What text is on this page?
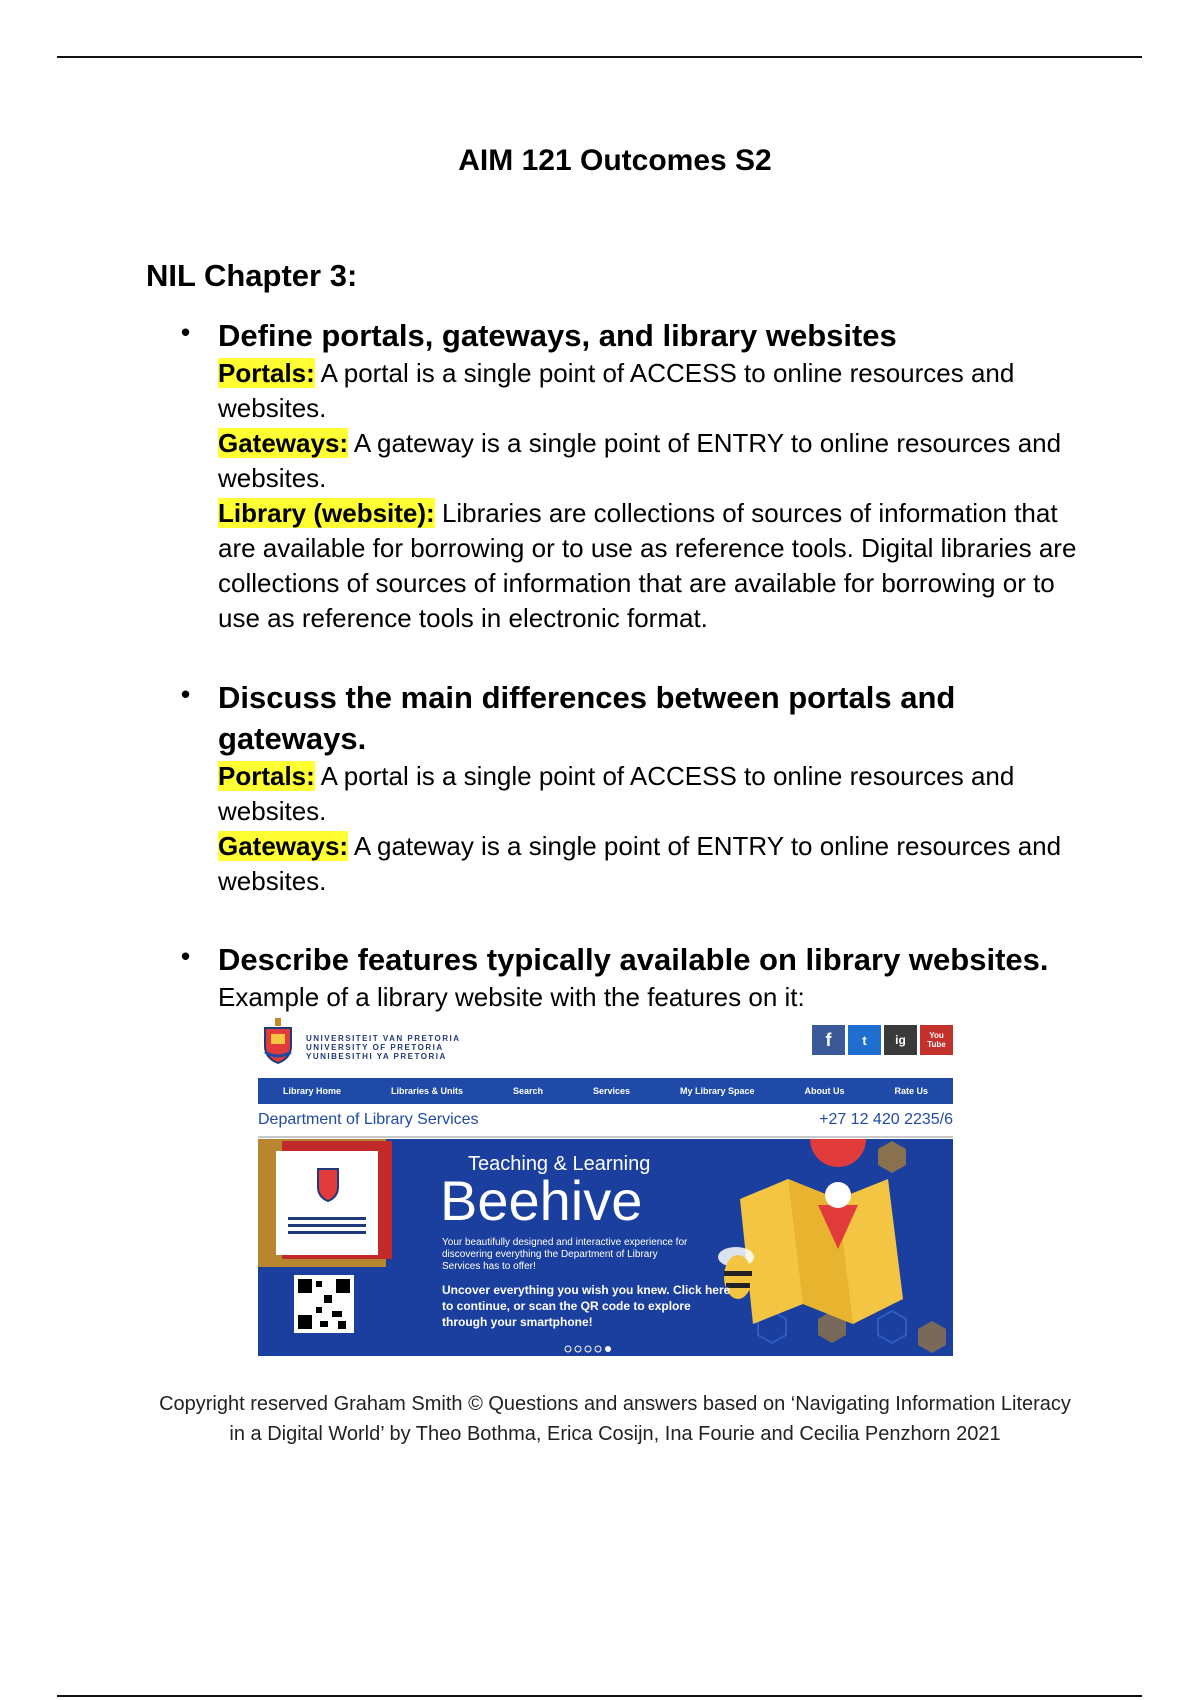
AIM 121 Outcomes S2
NIL Chapter 3:
• Define portals, gateways, and library websites

Portals: A portal is a single point of ACCESS to online resources and websites.

Gateways: A gateway is a single point of ENTRY to online resources and websites.

Library (website): Libraries are collections of sources of information that are available for borrowing or to use as reference tools. Digital libraries are collections of sources of information that are available for borrowing or to use as reference tools in electronic format.

• Discuss the main differences between portals and gateways.

Portals: A portal is a single point of ACCESS to online resources and websites.

Gateways: A gateway is a single point of ENTRY to online resources and websites.

• Describe features typically available on library websites.

Example of a library website with the features on it:

UNIVERSITEIT VAN PRETORIA
UNIVERSITY OF PRETORIA
YUNIBESITHI YA PRETORIA
f	t	ig	You Tube
Library Home	Libraries & Units	Search	Services	My Library Space	About Us	Rate Us
Department of Library Services	+27 12 420 2235/6
Teaching & Learning
Beehive
Your beautifully designed and interactive experience for discovering everything the Department of Library Services has to offer!
Uncover everything you wish you knew. Click here to continue, or scan the QR code to explore through your smartphone!
Copyright reserved Graham Smith © Questions and answers based on ‘Navigating Information Literacy
in a Digital World’ by Theo Bothma, Erica Cosijn, Ina Fourie and Cecilia Penzhorn 2021
